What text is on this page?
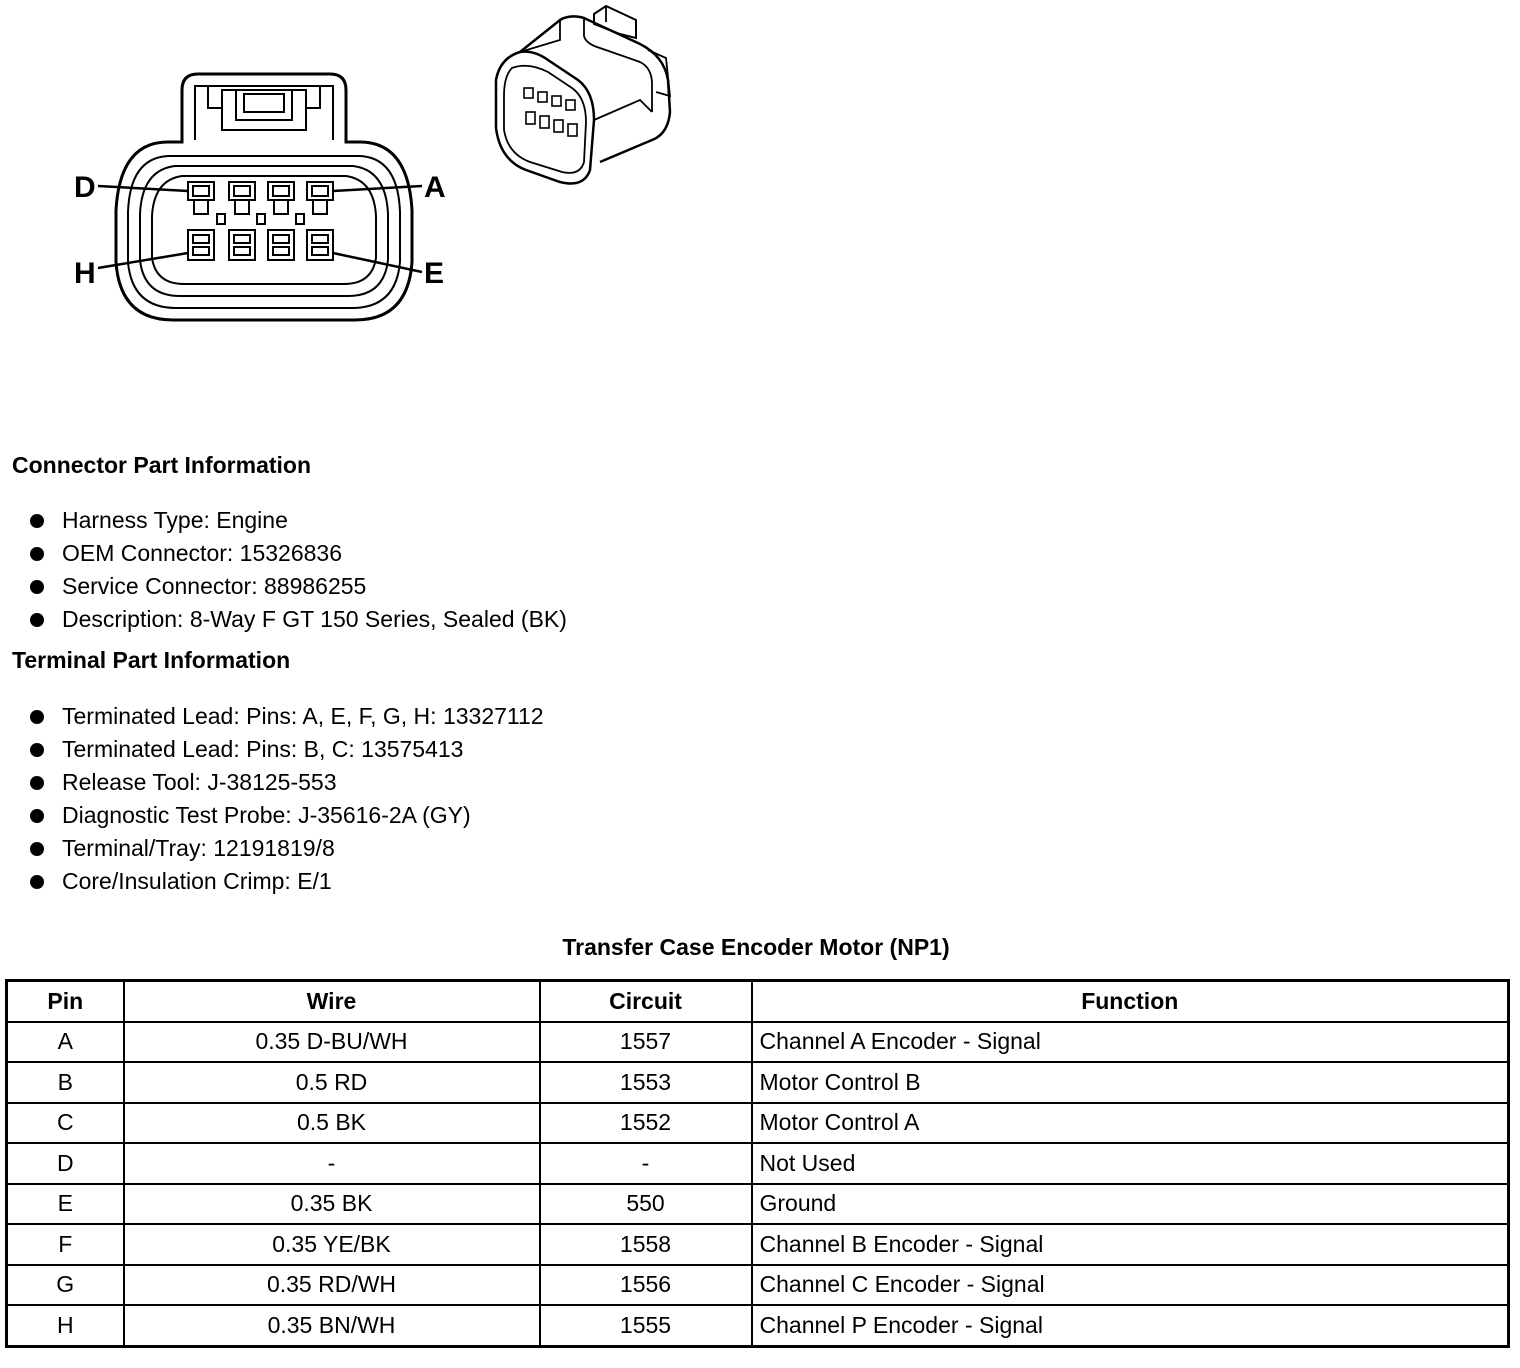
D	A
H	E
Connector Part Information
Harness Type: Engine
OEM Connector: 15326836
Service Connector: 88986255
Description: 8-Way F GT 150 Series, Sealed (BK)
Terminal Part Information
Terminated Lead: Pins: A, E, F, G, H: 13327112
Terminated Lead: Pins: B, C: 13575413
Release Tool: J-38125-553
Diagnostic Test Probe: J-35616-2A (GY)
Terminal/Tray: 12191819/8
Core/Insulation Crimp: E/1
Transfer Case Encoder Motor (NP1)
Pin	Wire	Circuit	Function
A	0.35 D-BU/WH	1557	Channel A Encoder - Signal
B	0.5 RD	1553	Motor Control B
C	0.5 BK	1552	Motor Control A
D	-	-	Not Used
E	0.35 BK	550	Ground
F	0.35 YE/BK	1558	Channel B Encoder - Signal
G	0.35 RD/WH	1556	Channel C Encoder - Signal
H	0.35 BN/WH	1555	Channel P Encoder - Signal
